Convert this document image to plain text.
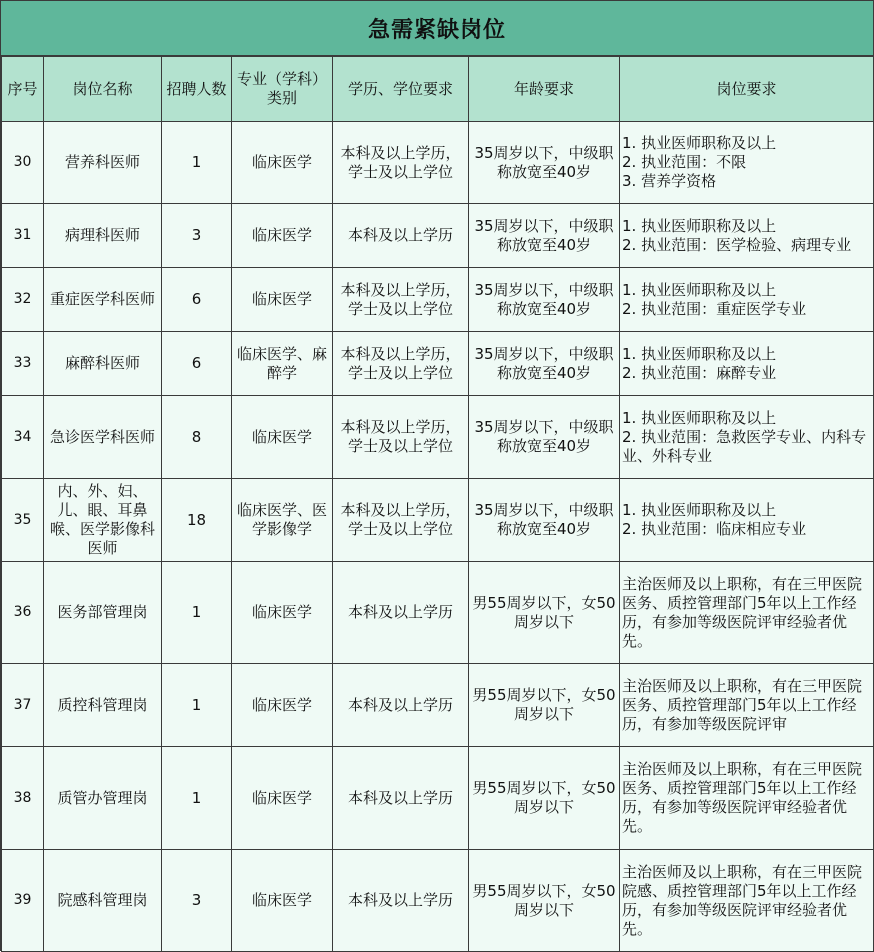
急需紧缺岗位
序号	岗位名称	招聘人数	专业（学科）类别	学历、学位要求	年龄要求	岗位要求
30	营养科医师	1	临床医学	本科及以上学历，学士及以上学位	35周岁以下，中级职称放宽至40岁	1. 执业医师职称及以上
2. 执业范围：不限
3. 营养学资格

31	病理科医师	3	临床医学	本科及以上学历	35周岁以下，中级职称放宽至40岁	1. 执业医师职称及以上
2. 执业范围：医学检验、病理专业

32	重症医学科医师	6	临床医学	本科及以上学历，学士及以上学位	35周岁以下，中级职称放宽至40岁	1. 执业医师职称及以上
2. 执业范围：重症医学专业

33	麻醉科医师	6	临床医学、麻醉学	本科及以上学历，学士及以上学位	35周岁以下，中级职称放宽至40岁	1. 执业医师职称及以上
2. 执业范围：麻醉专业

34	急诊医学科医师	8	临床医学	本科及以上学历，学士及以上学位	35周岁以下，中级职称放宽至40岁	1. 执业医师职称及以上
2. 执业范围：急救医学专业、内科专业、外科专业

35	内、外、妇、儿、眼、耳鼻喉、医学影像科医师	18	临床医学、医学影像学	本科及以上学历，学士及以上学位	35周岁以下，中级职称放宽至40岁	1. 执业医师职称及以上
2. 执业范围：临床相应专业

36	医务部管理岗	1	临床医学	本科及以上学历	男55周岁以下，女50周岁以下	主治医师及以上职称，有在三甲医院医务、质控管理部门5年以上工作经历，有参加等级医院评审经验者优先。

37	质控科管理岗	1	临床医学	本科及以上学历	男55周岁以下，女50周岁以下	主治医师及以上职称，有在三甲医院医务、质控管理部门5年以上工作经历，有参加等级医院评审

38	质管办管理岗	1	临床医学	本科及以上学历	男55周岁以下，女50周岁以下	主治医师及以上职称，有在三甲医院医务、质控管理部门5年以上工作经历，有参加等级医院评审经验者优先。

39	院感科管理岗	3	临床医学	本科及以上学历	男55周岁以下，女50周岁以下	主治医师及以上职称，有在三甲医院院感、质控管理部门5年以上工作经历，有参加等级医院评审经验者优先。
